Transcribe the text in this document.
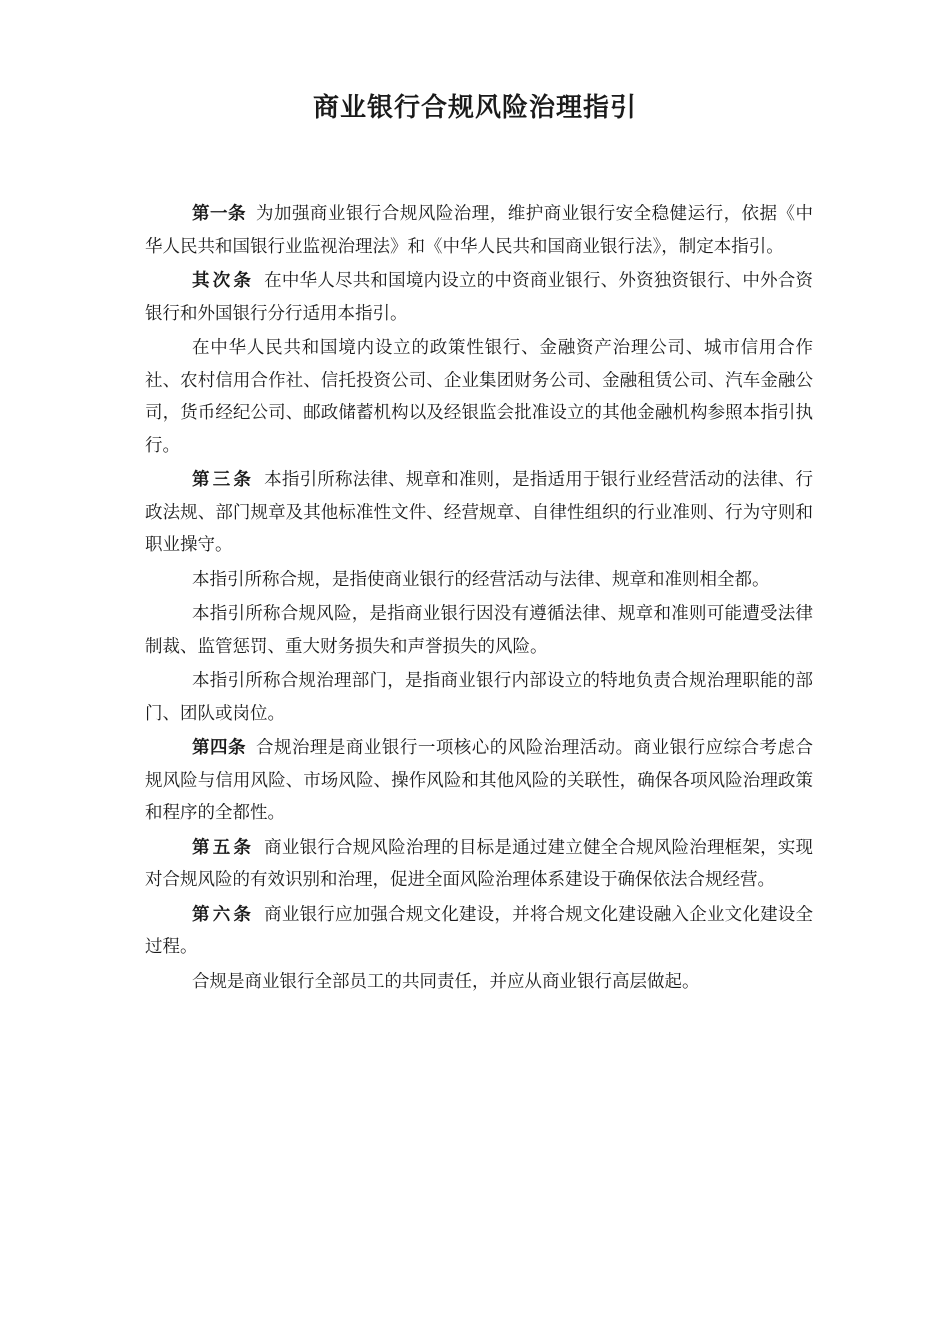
商业银行合规风险治理指引

第一条 为加强商业银行合规风险治理，维护商业银行安全稳健运行，依据《中华人民共和国银行业监视治理法》和《中华人民共和国商业银行法》，制定本指引。

其次条 在中华人尽共和国境内设立的中资商业银行、外资独资银行、中外合资银行和外国银行分行适用本指引。

在中华人民共和国境内设立的政策性银行、金融资产治理公司、城市信用合作社、农村信用合作社、信托投资公司、企业集团财务公司、金融租赁公司、汽车金融公司，货币经纪公司、邮政储蓄机构以及经银监会批准设立的其他金融机构参照本指引执行。

第三条 本指引所称法律、规章和准则，是指适用于银行业经营活动的法律、行政法规、部门规章及其他标准性文件、经营规章、自律性组织的行业准则、行为守则和职业操守。

本指引所称合规，是指使商业银行的经营活动与法律、规章和准则相全都。

本指引所称合规风险，是指商业银行因没有遵循法律、规章和准则可能遭受法律制裁、监管惩罚、重大财务损失和声誉损失的风险。

本指引所称合规治理部门，是指商业银行内部设立的特地负责合规治理职能的部门、团队或岗位。

第四条 合规治理是商业银行一项核心的风险治理活动。商业银行应综合考虑合规风险与信用风险、市场风险、操作风险和其他风险的关联性，确保各项风险治理政策和程序的全都性。

第五条 商业银行合规风险治理的目标是通过建立健全合规风险治理框架，实现对合规风险的有效识别和治理，促进全面风险治理体系建设于确保依法合规经营。

第六条 商业银行应加强合规文化建设，并将合规文化建设融入企业文化建设全过程。

合规是商业银行全部员工的共同责任，并应从商业银行高层做起。
